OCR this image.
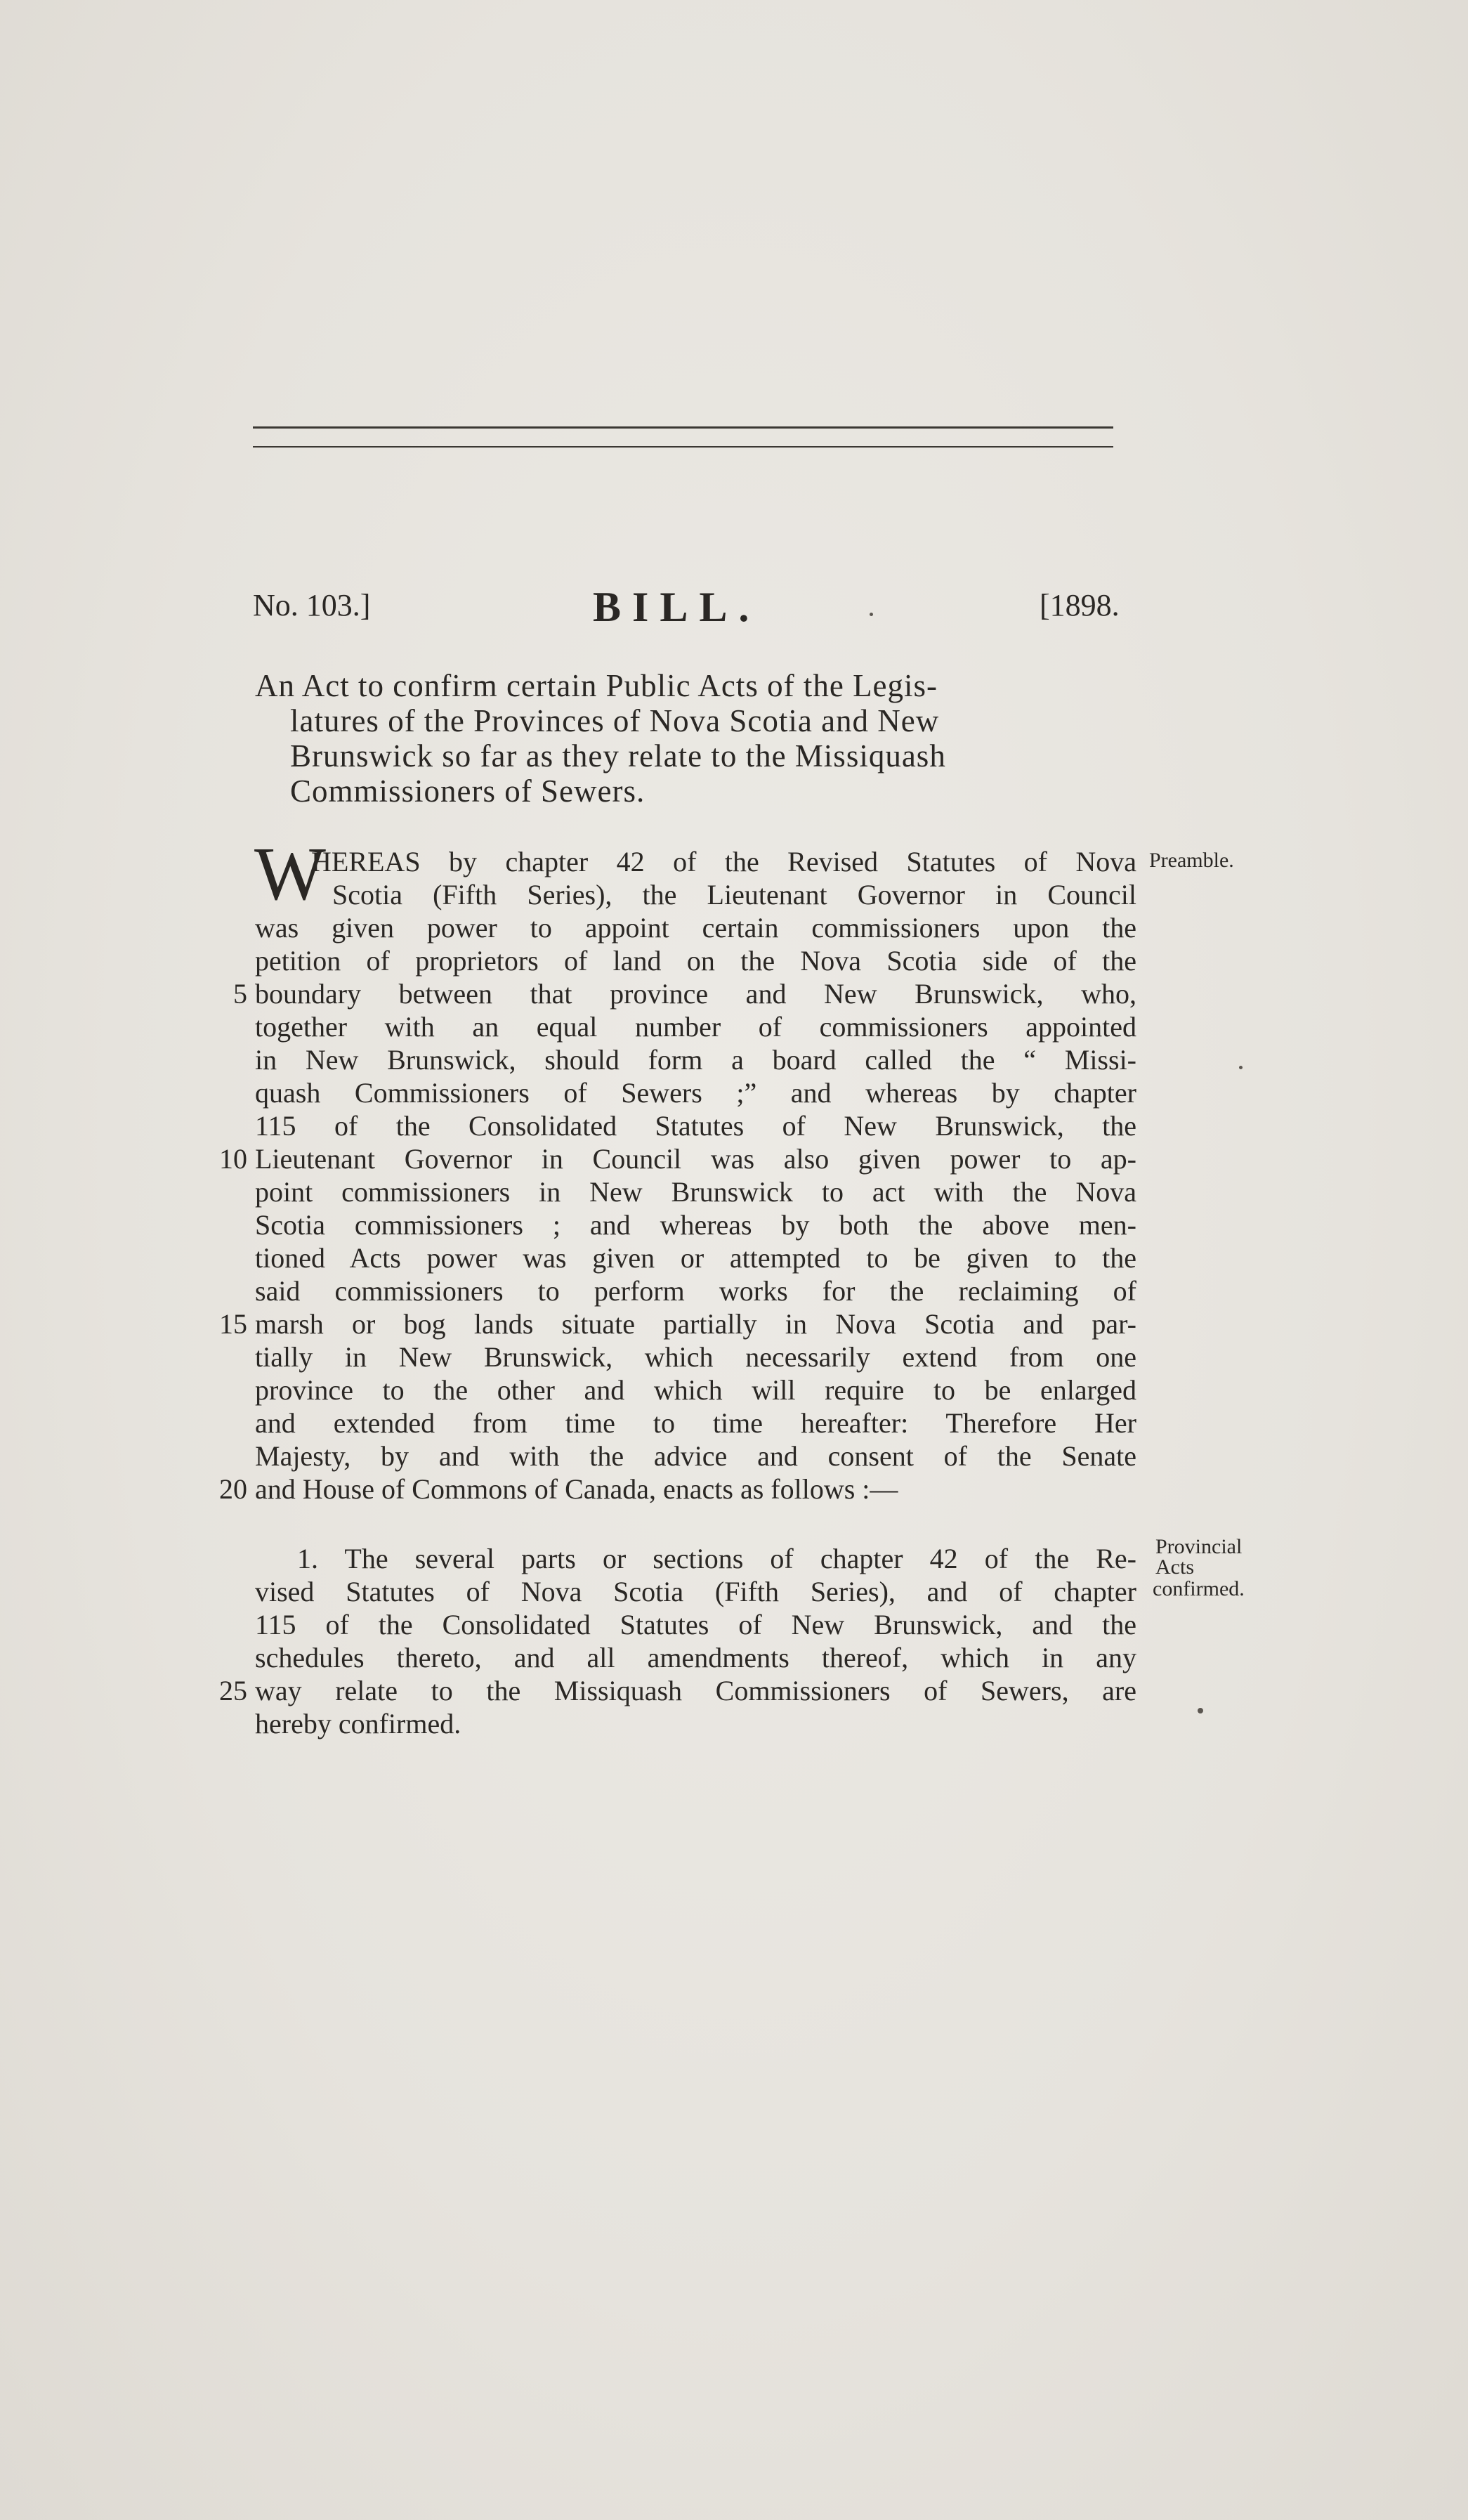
No. 103.]	BILL.	[1898.
An Act to confirm certain Public Acts of the Legis-
latures of the Provinces of Nova Scotia and New
Brunswick so far as they relate to the Missiquash
Commissioners of Sewers.
W
HEREAS by chapter 42 of the Revised Statutes of Nova
Scotia (Fifth Series), the Lieutenant Governor in Council
was given power to appoint certain commissioners upon the
petition of proprietors of land on the Nova Scotia side of the
boundary between that province and New Brunswick, who,
together with an equal number of commissioners appointed
in New Brunswick, should form a board called the “ Missi-
quash Commissioners of Sewers ;” and whereas by chapter
115 of the Consolidated Statutes of New Brunswick, the
Lieutenant Governor in Council was also given power to ap-
point commissioners in New Brunswick to act with the Nova
Scotia commissioners ; and whereas by both the above men-
tioned Acts power was given or attempted to be given to the
said commissioners to perform works for the reclaiming of
marsh or bog lands situate partially in Nova Scotia and par-
tially in New Brunswick, which necessarily extend from one
province to the other and which will require to be enlarged
and extended from time to time hereafter: Therefore Her
Majesty, by and with the advice and consent of the Senate
and House of Commons of Canada, enacts as follows :—
Preamble.
1. The several parts or sections of chapter 42 of the Re-
vised Statutes of Nova Scotia (Fifth Series), and of chapter
115 of the Consolidated Statutes of New Brunswick, and the
schedules thereto, and all amendments thereof, which in any
way relate to the Missiquash Commissioners of Sewers, are
hereby confirmed.
Provincial
Acts
confirmed.
5
10
15
20
25
